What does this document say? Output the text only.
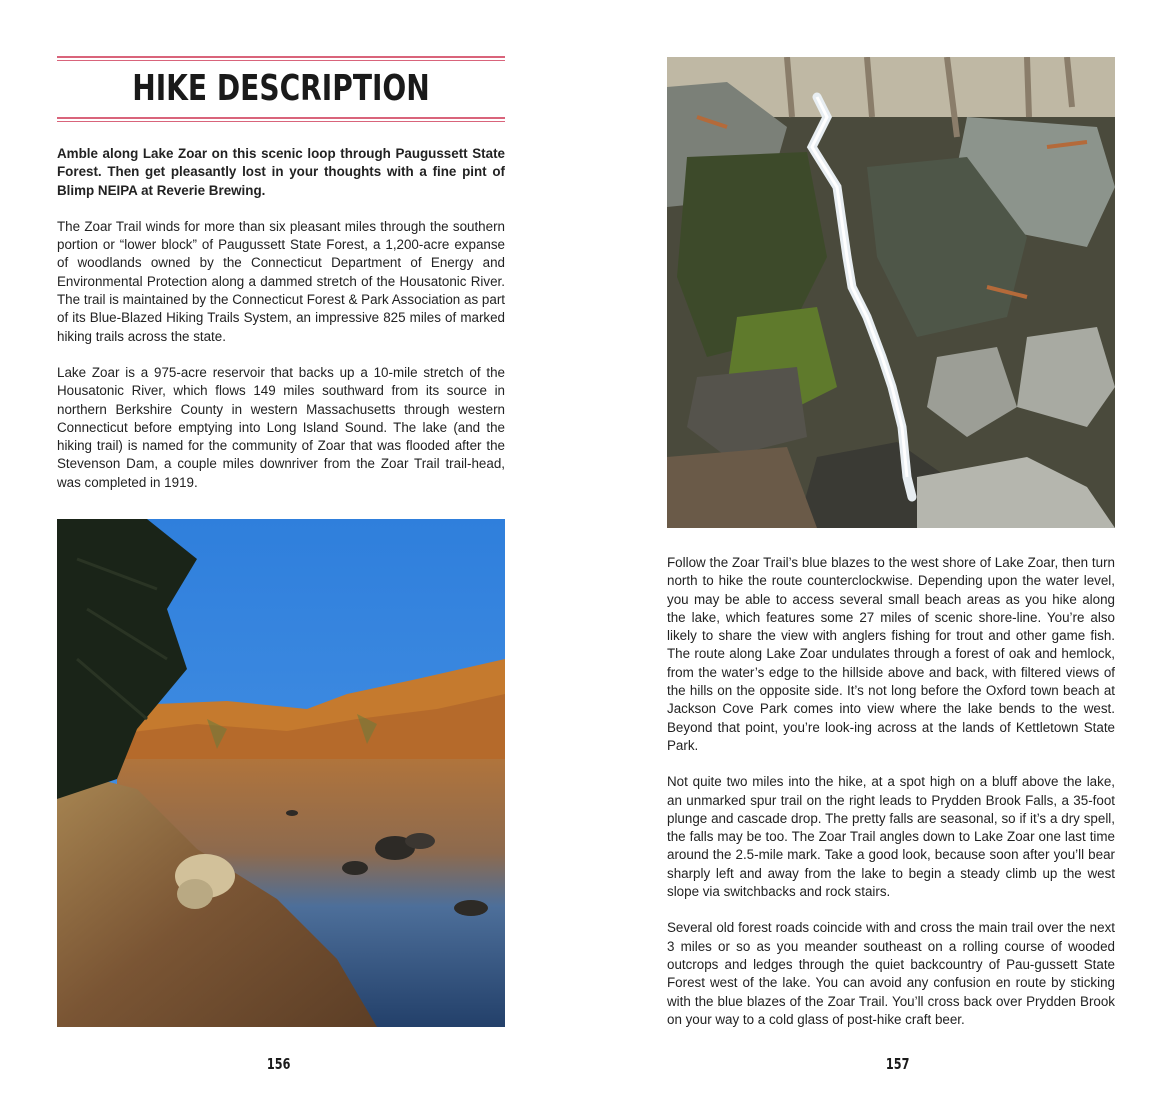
HIKE DESCRIPTION

Amble along Lake Zoar on this scenic loop through Paugussett State Forest. Then get pleasantly lost in your thoughts with a fine pint of Blimp NEIPA at Reverie Brewing.

The Zoar Trail winds for more than six pleasant miles through the southern portion or “lower block” of Paugussett State Forest, a 1,200-acre expanse of woodlands owned by the Connecticut Department of Energy and Environmental Protection along a dammed stretch of the Housatonic River. The trail is maintained by the Connecticut Forest & Park Association as part of its Blue-Blazed Hiking Trails System, an impressive 825 miles of marked hiking trails across the state.

Lake Zoar is a 975-acre reservoir that backs up a 10-mile stretch of the Housatonic River, which flows 149 miles southward from its source in northern Berkshire County in western Massachusetts through western Connecticut before emptying into Long Island Sound. The lake (and the hiking trail) is named for the community of Zoar that was flooded after the Stevenson Dam, a couple miles downriver from the Zoar Trail trail-head, was completed in 1919.

156

Follow the Zoar Trail’s blue blazes to the west shore of Lake Zoar, then turn north to hike the route counterclockwise. Depending upon the water level, you may be able to access several small beach areas as you hike along the lake, which features some 27 miles of scenic shore-line. You’re also likely to share the view with anglers fishing for trout and other game fish. The route along Lake Zoar undulates through a forest of oak and hemlock, from the water’s edge to the hillside above and back, with filtered views of the hills on the opposite side. It’s not long before the Oxford town beach at Jackson Cove Park comes into view where the lake bends to the west. Beyond that point, you’re look-ing across at the lands of Kettletown State Park.

Not quite two miles into the hike, at a spot high on a bluff above the lake, an unmarked spur trail on the right leads to Prydden Brook Falls, a 35-foot plunge and cascade drop. The pretty falls are seasonal, so if it’s a dry spell, the falls may be too. The Zoar Trail angles down to Lake Zoar one last time around the 2.5-mile mark. Take a good look, because soon after you’ll bear sharply left and away from the lake to begin a steady climb up the west slope via switchbacks and rock stairs.

Several old forest roads coincide with and cross the main trail over the next 3 miles or so as you meander southeast on a rolling course of wooded outcrops and ledges through the quiet backcountry of Pau-gussett State Forest west of the lake. You can avoid any confusion en route by sticking with the blue blazes of the Zoar Trail. You’ll cross back over Prydden Brook on your way to a cold glass of post-hike craft beer.

157
